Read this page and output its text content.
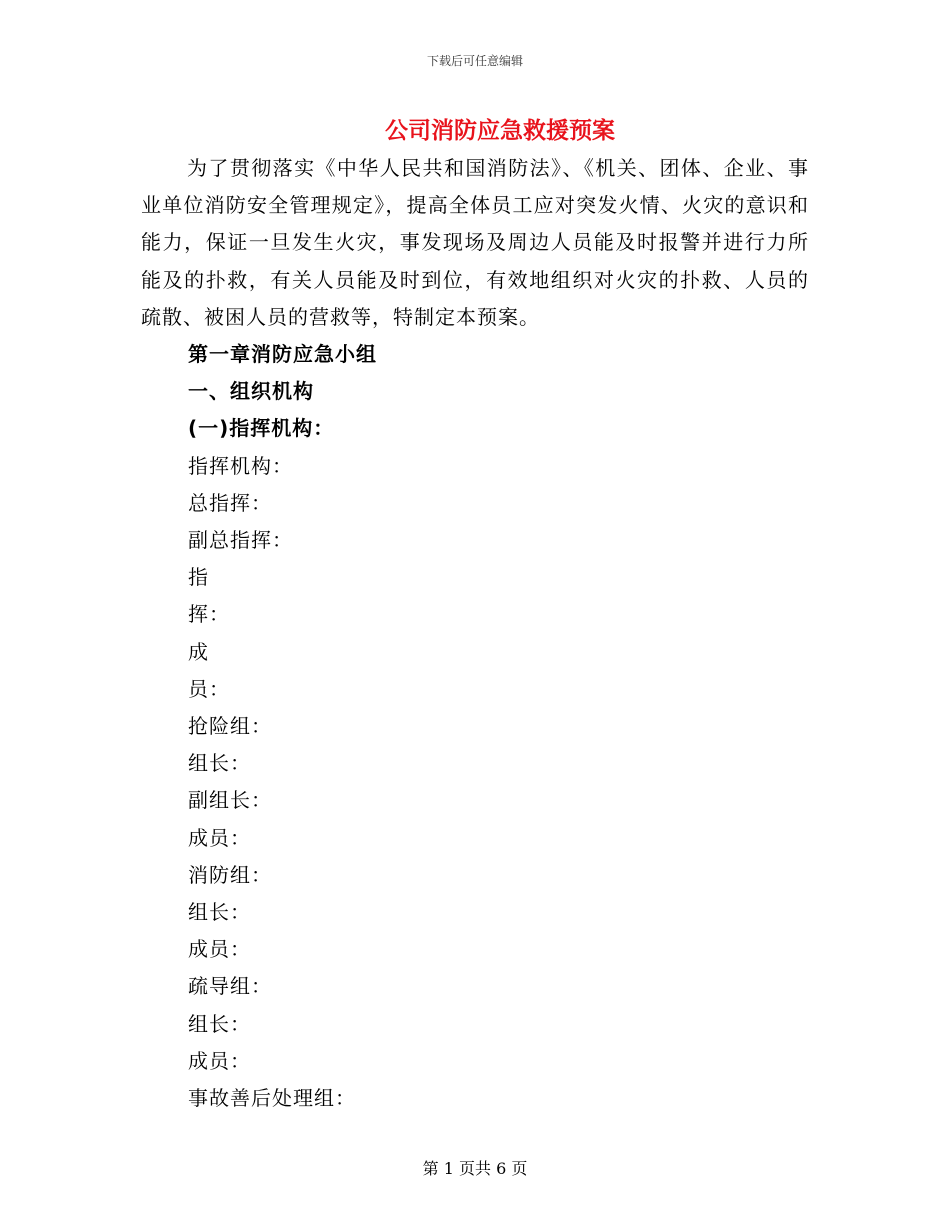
下载后可任意编辑
公司消防应急救援预案

为了贯彻落实《中华人民共和国消防法》、《机关、团体、企业、事业单位消防安全管理规定》，提高全体员工应对突发火情、火灾的意识和能力，保证一旦发生火灾，事发现场及周边人员能及时报警并进行力所能及的扑救，有关人员能及时到位，有效地组织对火灾的扑救、人员的疏散、被困人员的营救等，特制定本预案。

第一章消防应急小组

一、组织机构

(一)指挥机构：

指挥机构：

总指挥：

副总指挥：

指

挥：

成

员：

抢险组：

组长：

副组长：

成员：

消防组：

组长：

成员：

疏导组：

组长：

成员：

事故善后处理组：

第 1 页共 6 页
